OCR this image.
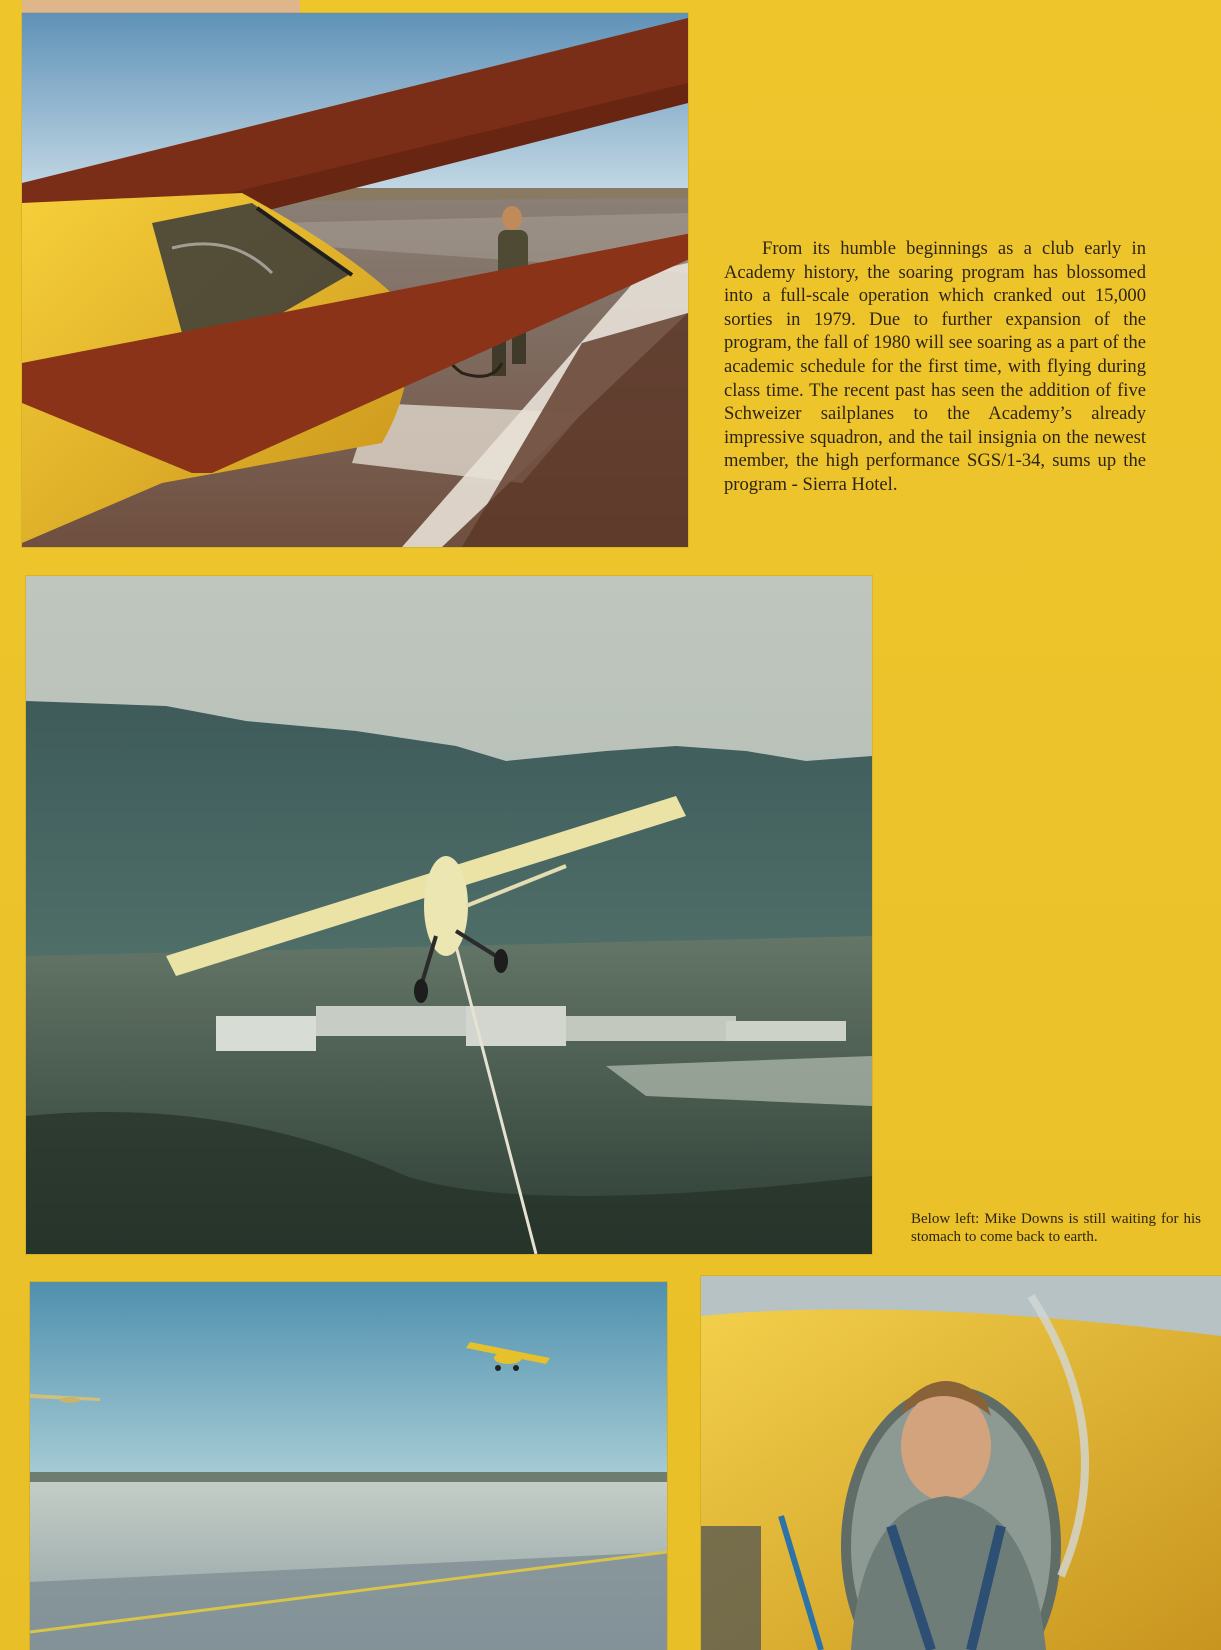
From its humble beginnings as a club early in Academy history, the soaring program has blossomed into a full-scale operation which cranked out 15,000 sorties in 1979. Due to further expansion of the program, the fall of 1980 will see soaring as a part of the academic schedule for the first time, with flying during class time. The recent past has seen the addition of five Schweizer sailplanes to the Academy’s already impressive squadron, and the tail insignia on the newest member, the high performance SGS/1-34, sums up the program - Sierra Hotel.

Below left: Mike Downs is still waiting for his stomach to come back to earth.
